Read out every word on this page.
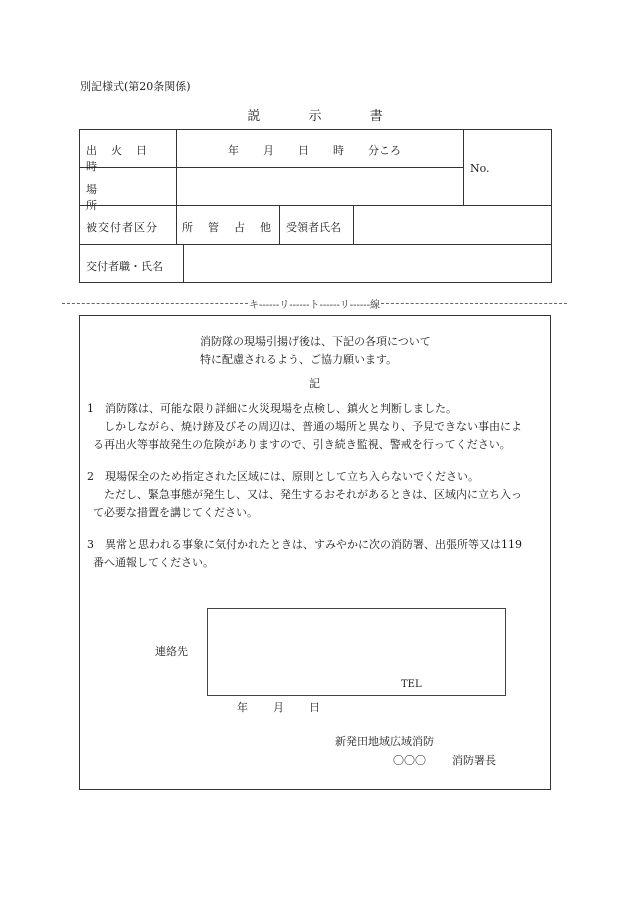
別記様式(第20条関係)
説	示	書
出火日時
年 月 日 時 分ころ
No.
場所
被交付者区分 所 管 占 他 受領者氏名
交付者職・氏名
キ------リ------ト------リ------線
消防隊の現場引揚げ後は、下記の各項について
特に配慮されるよう、ご協力願います。
記
1　消防隊は、可能な限り詳細に火災現場を点検し、鎮火と判断しました。
しかしながら、焼け跡及びその周辺は、普通の場所と異なり、予見できない事由によ
る再出火等事故発生の危険がありますので、引き続き監視、警戒を行ってください。
2　現場保全のため指定された区域には、原則として立ち入らないでください。
ただし、緊急事態が発生し、又は、発生するおそれがあるときは、区域内に立ち入っ
て必要な措置を講じてください。
3　異常と思われる事象に気付かれたときは、すみやかに次の消防署、出張所等又は119
番へ通報してください。
連絡先
TEL
年 月 日
新発田地域広域消防
〇〇〇 消防署長
